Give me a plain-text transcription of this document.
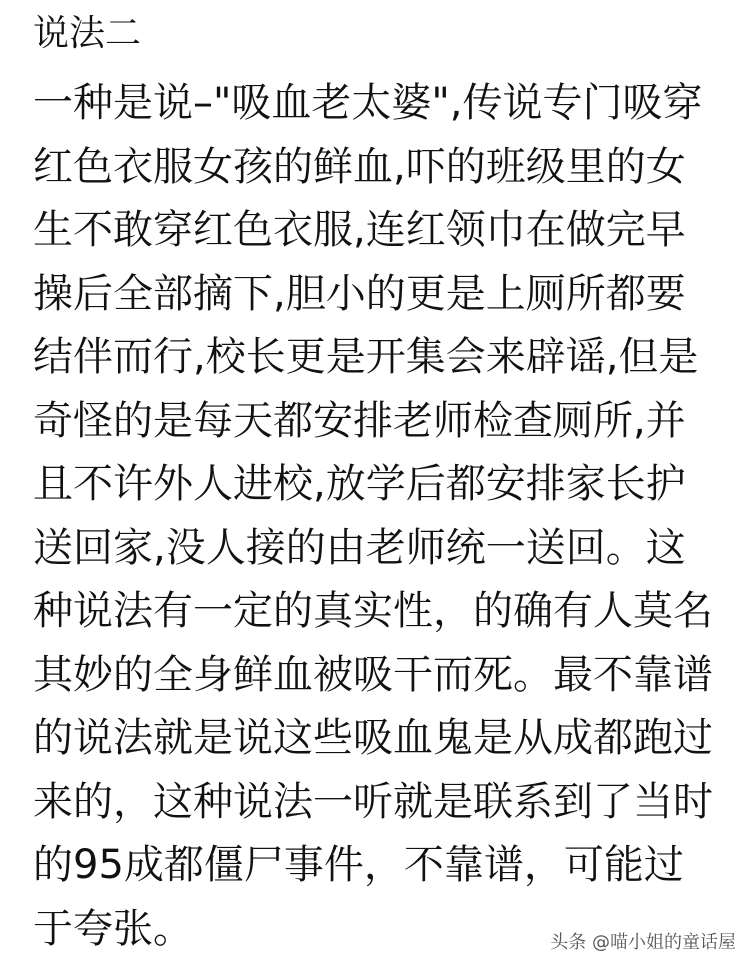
说法二
一种是说–"吸血老太婆",传说专门吸穿
红色衣服女孩的鲜血,吓的班级里的女
生不敢穿红色衣服,连红领巾在做完早
操后全部摘下,胆小的更是上厕所都要
结伴而行,校长更是开集会来辟谣,但是
奇怪的是每天都安排老师检查厕所,并
且不许外人进校,放学后都安排家长护
送回家,没人接的由老师统一送回。这
种说法有一定的真实性，的确有人莫名
其妙的全身鲜血被吸干而死。最不靠谱
的说法就是说这些吸血鬼是从成都跑过
来的，这种说法一听就是联系到了当时
的95成都僵尸事件，不靠谱，可能过
于夸张。	头条 @喵小姐的童话屋
